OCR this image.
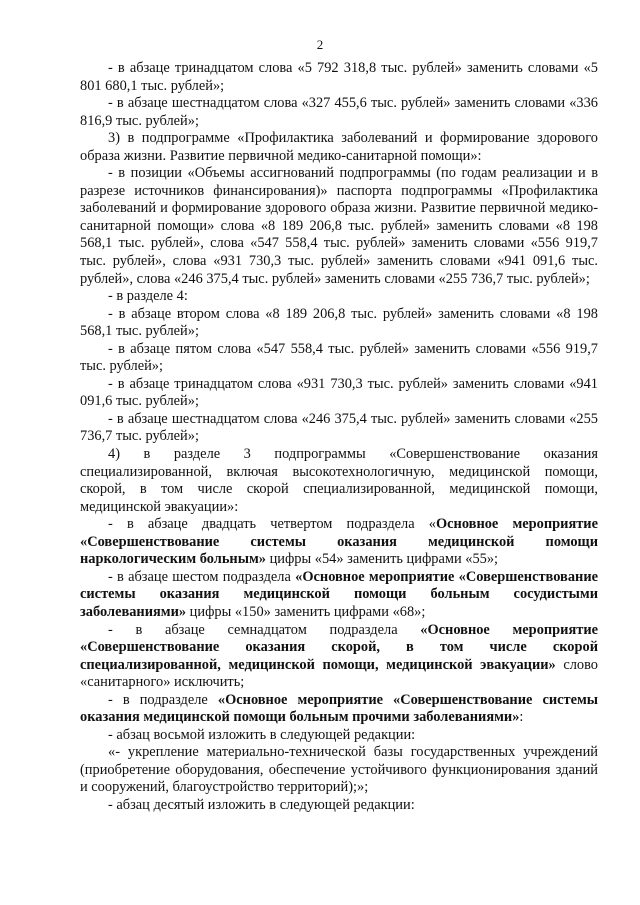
2

- в абзаце тринадцатом слова «5 792 318,8 тыс. рублей» заменить словами «5 801 680,1 тыс. рублей»;

- в абзаце шестнадцатом слова «327 455,6 тыс. рублей» заменить словами «336 816,9 тыс. рублей»;

3) в подпрограмме «Профилактика заболеваний и формирование здорового образа жизни. Развитие первичной медико-санитарной помощи»:

- в позиции «Объемы ассигнований подпрограммы (по годам реализации и в разрезе источников финансирования)» паспорта подпрограммы «Профилактика заболеваний и формирование здорового образа жизни. Развитие первичной медико-санитарной помощи» слова «8 189 206,8 тыс. рублей» заменить словами «8 198 568,1 тыс. рублей», слова «547 558,4 тыс. рублей» заменить словами «556 919,7 тыс. рублей», слова «931 730,3 тыс. рублей» заменить словами «941 091,6 тыс. рублей», слова «246 375,4 тыс. рублей» заменить словами «255 736,7 тыс. рублей»;

- в разделе 4:

- в абзаце втором слова «8 189 206,8 тыс. рублей» заменить словами «8 198 568,1 тыс. рублей»;

- в абзаце пятом слова «547 558,4 тыс. рублей» заменить словами «556 919,7 тыс. рублей»;

- в абзаце тринадцатом слова «931 730,3 тыс. рублей» заменить словами «941 091,6 тыс. рублей»;

- в абзаце шестнадцатом слова «246 375,4 тыс. рублей» заменить словами «255 736,7 тыс. рублей»;

4) в разделе 3 подпрограммы «Совершенствование оказания специализированной, включая высокотехнологичную, медицинской помощи, скорой, в том числе скорой специализированной, медицинской помощи, медицинской эвакуации»:

- в абзаце двадцать четвертом подраздела «Основное мероприятие «Совершенствование системы оказания медицинской помощи наркологическим больным» цифры «54» заменить цифрами «55»;

- в абзаце шестом подраздела «Основное мероприятие «Совершенствование системы оказания медицинской помощи больным сосудистыми заболеваниями» цифры «150» заменить цифрами «68»;

- в абзаце семнадцатом подраздела «Основное мероприятие «Совершенствование оказания скорой, в том числе скорой специализированной, медицинской помощи, медицинской эвакуации» слово «санитарного» исключить;

- в подразделе «Основное мероприятие «Совершенствование системы оказания медицинской помощи больным прочими заболеваниями»:

- абзац восьмой изложить в следующей редакции:

«- укрепление материально-технической базы государственных учреждений (приобретение оборудования, обеспечение устойчивого функционирования зданий и сооружений, благоустройство территорий);»;

- абзац десятый изложить в следующей редакции:
